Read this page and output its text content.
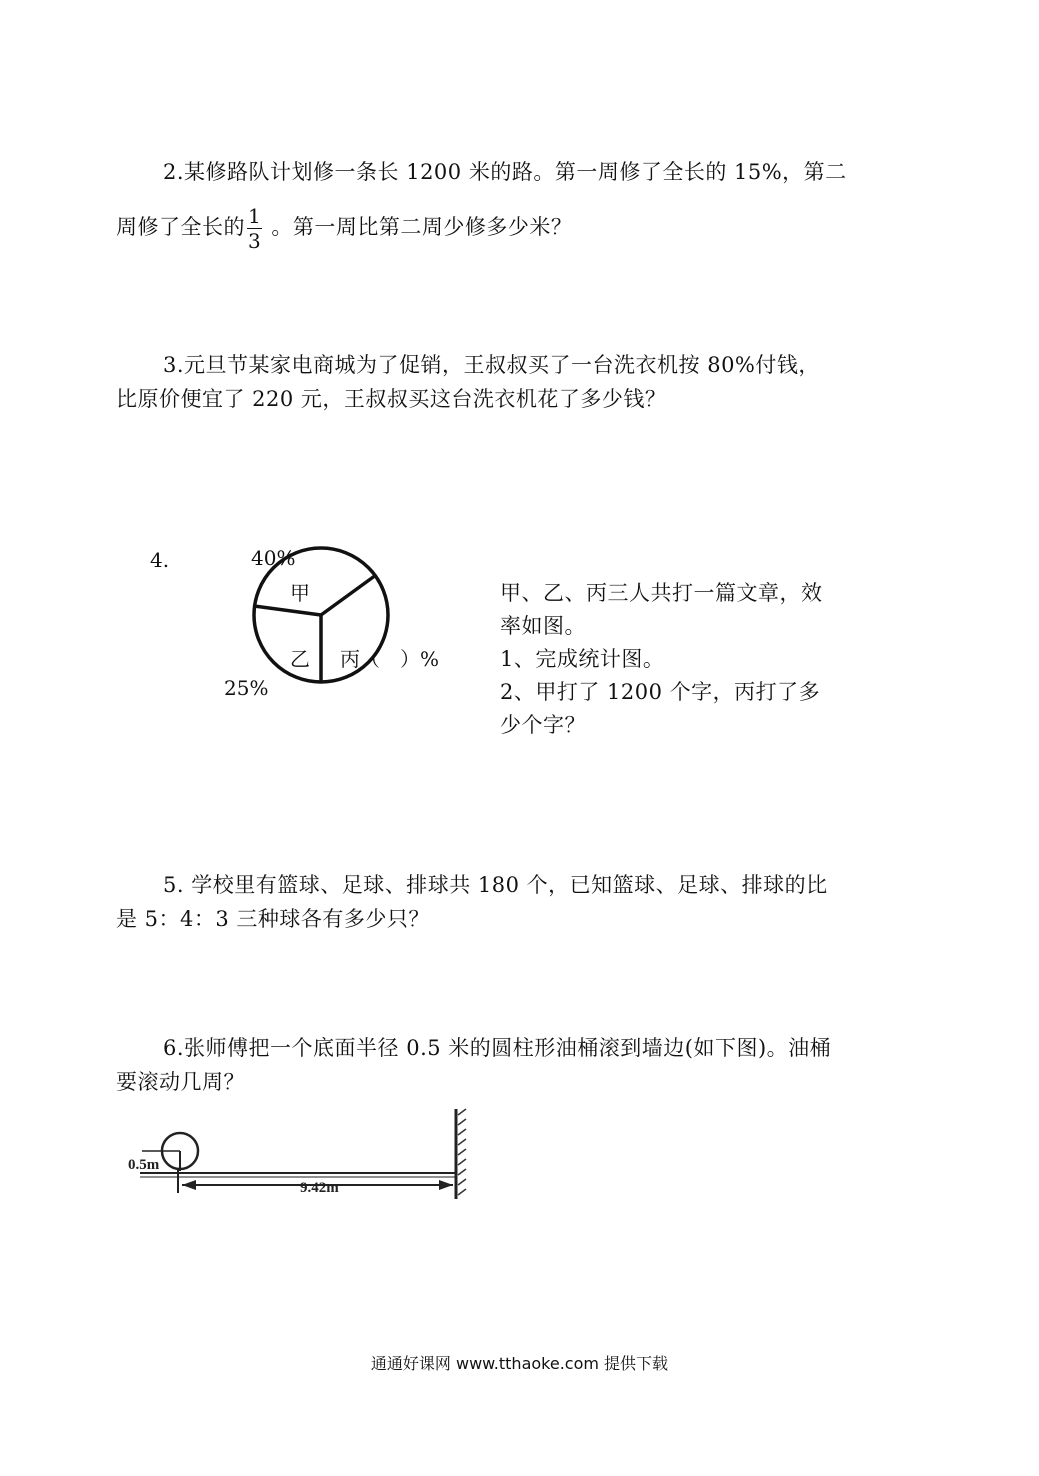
2.某修路队计划修一条长 1200 米的路。第一周修了全长的 15%，第二
周修了全长的 $\frac{1}{3}$ 。第一周比第二周少修多少米？
3.元旦节某家电商城为了促销，王叔叔买了一台洗衣机按 80%付钱，
比原价便宜了 220 元，王叔叔买这台洗衣机花了多少钱？
4.	40%
甲
乙 丙（　）%
25%
甲、乙、丙三人共打一篇文章，效
率如图。
1、完成统计图。
2、甲打了 1200 个字，丙打了多
少个字？
5. 学校里有篮球、足球、排球共 180 个，已知篮球、足球、排球的比
是 5：4：3 三种球各有多少只？
6.张师傅把一个底面半径 0.5 米的圆柱形油桶滚到墙边(如下图)。油桶
要滚动几周？
0.5m
9.42m
通通好课网 www.tthaoke.com 提供下载
